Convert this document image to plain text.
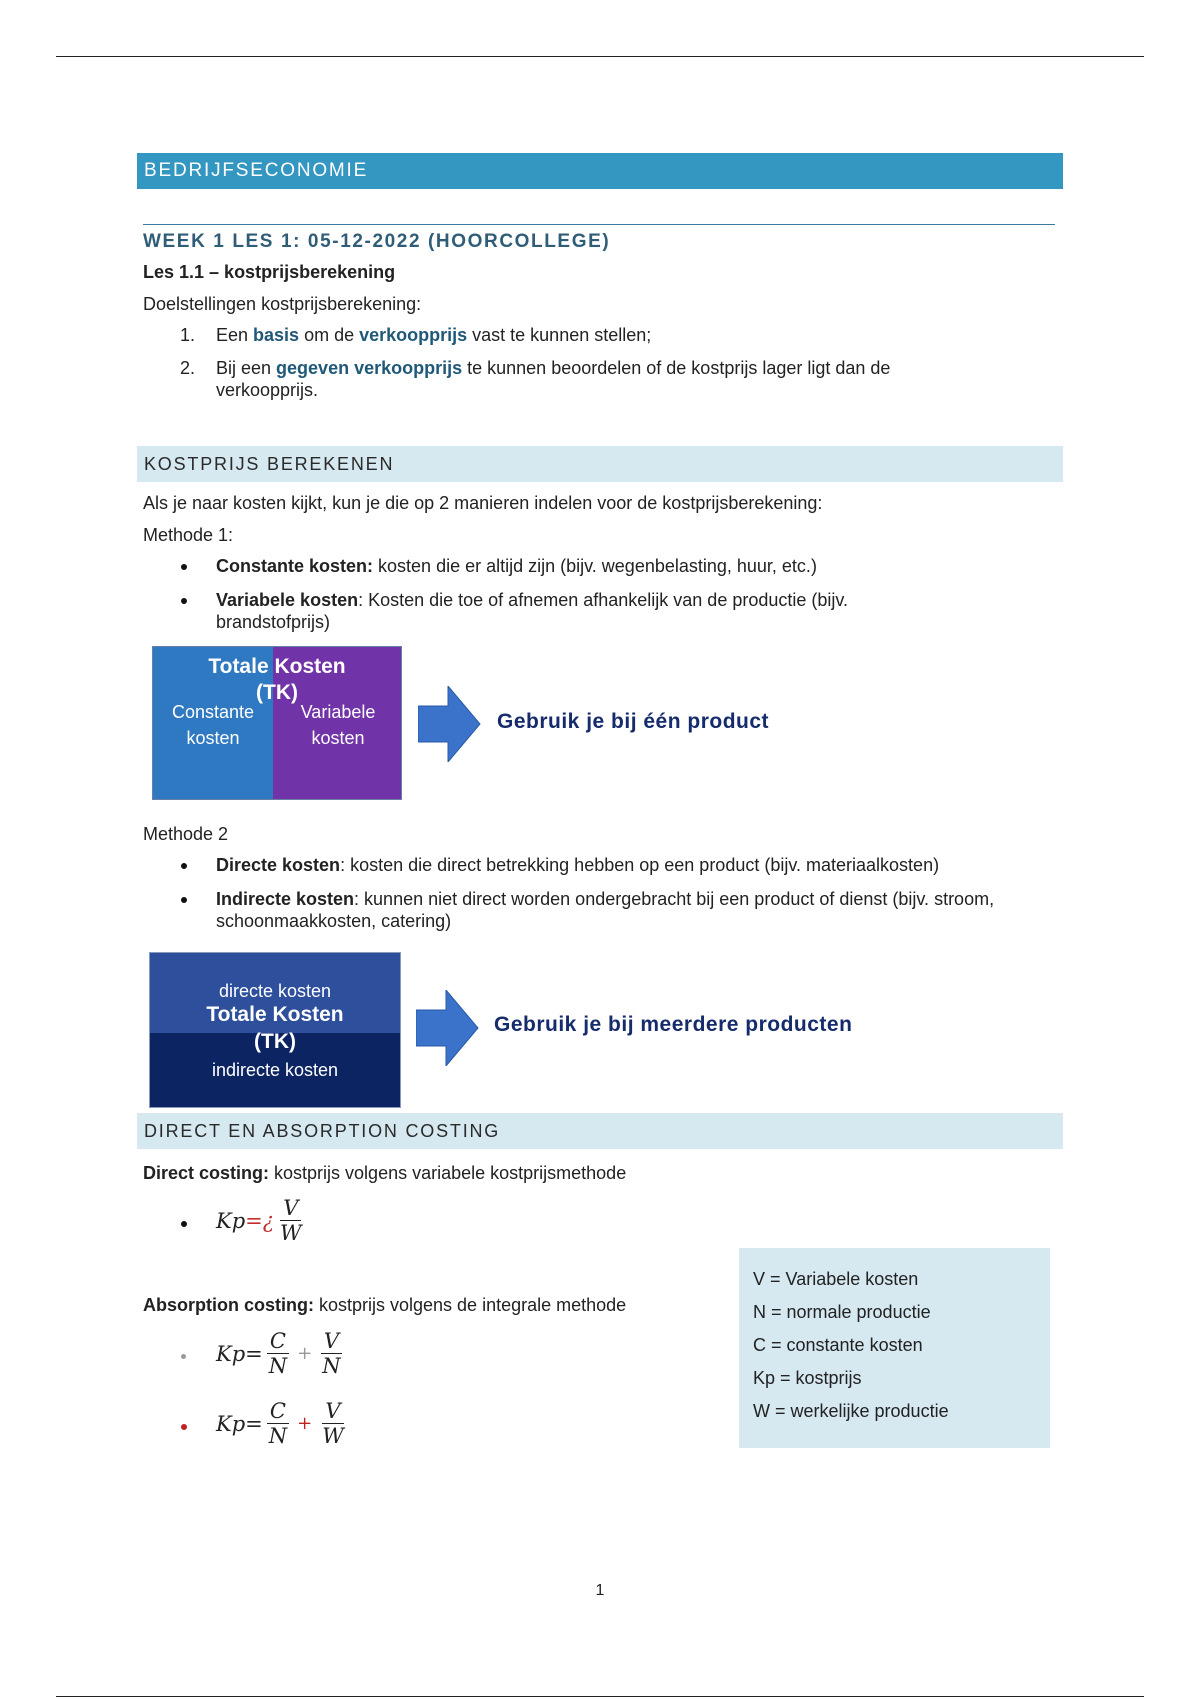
BEDRIJFSECONOMIE
WEEK 1 LES 1: 05-12-2022 (HOORCOLLEGE)

Les 1.1 – kostprijsberekening

Doelstellingen kostprijsberekening:

1. Een basis om de verkoopprijs vast te kunnen stellen;
2. Bij een gegeven verkoopprijs te kunnen beoordelen of de kostprijs lager ligt dan de verkoopprijs.
KOSTPRIJS BEREKENEN

Als je naar kosten kijkt, kun je die op 2 manieren indelen voor de kostprijsberekening:

Methode 1:

Constante kosten: kosten die er altijd zijn (bijv. wegenbelasting, huur, etc.)
Variabele kosten: Kosten die toe of afnemen afhankelijk van de productie (bijv. brandstofprijs)
Totale Kosten
(TK)
Constante kosten
Variabele kosten
Gebruik je bij één product

Methode 2

Directe kosten: kosten die direct betrekking hebben op een product (bijv. materiaalkosten)
Indirecte kosten: kunnen niet direct worden ondergebracht bij een product of dienst (bijv. stroom, schoonmaakkosten, catering)
directe kosten
Totale Kosten
(TK)
indirecte kosten
Gebruik je bij meerdere producten
DIRECT EN ABSORPTION COSTING

Direct costing: kostprijs volgens variabele kostprijsmethode

Kp =¿ $\frac{V}{W}$

Absorption costing: kostprijs volgens de integrale methode

$Kp = \frac{C}{N} + \frac{V}{N}$
$Kp = \frac{C}{N} + \frac{V}{W}$
V = Variabele kosten
N = normale productie
C = constante kosten
Kp = kostprijs
W = werkelijke productie
1
